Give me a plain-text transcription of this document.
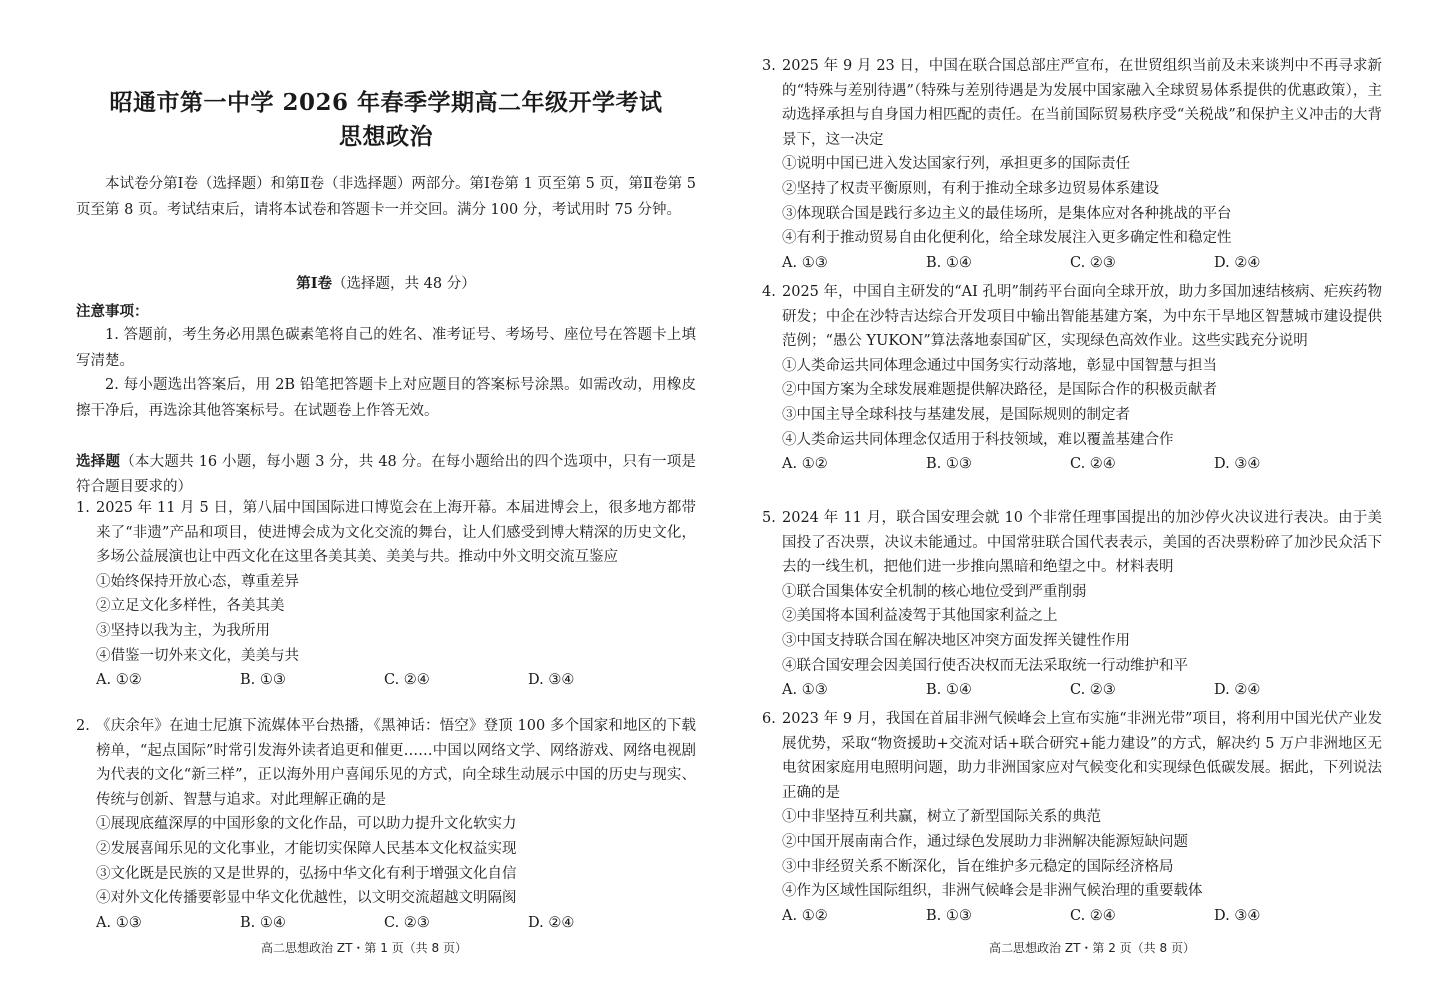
昭通市第一中学 2026 年春季学期高二年级开学考试
思想政治
本试卷分第Ⅰ卷（选择题）和第Ⅱ卷（非选择题）两部分。第Ⅰ卷第 1 页至第 5 页，第Ⅱ卷第 5 页至第 8 页。考试结束后，请将本试卷和答题卡一并交回。满分 100 分，考试用时 75 分钟。
第Ⅰ卷（选择题，共 48 分）
注意事项：
1. 答题前，考生务必用黑色碳素笔将自己的姓名、准考证号、考场号、座位号在答题卡上填写清楚。
2. 每小题选出答案后，用 2B 铅笔把答题卡上对应题目的答案标号涂黑。如需改动，用橡皮擦干净后，再选涂其他答案标号。在试题卷上作答无效。
选择题（本大题共 16 小题，每小题 3 分，共 48 分。在每小题给出的四个选项中，只有一项是符合题目要求的）
1. 2025 年 11 月 5 日，第八届中国国际进口博览会在上海开幕。本届进博会上，很多地方都带来了“非遗”产品和项目，使进博会成为文化交流的舞台，让人们感受到博大精深的历史文化，多场公益展演也让中西文化在这里各美其美、美美与共。推动中外文明交流互鉴应
①始终保持开放心态，尊重差异
②立足文化多样性，各美其美
③坚持以我为主，为我所用
④借鉴一切外来文化，美美与共
A. ①②	B. ①③	C. ②④	D. ③④
2. 《庆余年》在迪士尼旗下流媒体平台热播，《黑神话：悟空》登顶 100 多个国家和地区的下载榜单，“起点国际”时常引发海外读者追更和催更……中国以网络文学、网络游戏、网络电视剧为代表的文化“新三样”，正以海外用户喜闻乐见的方式，向全球生动展示中国的历史与现实、传统与创新、智慧与追求。对此理解正确的是
①展现底蕴深厚的中国形象的文化作品，可以助力提升文化软实力
②发展喜闻乐见的文化事业，才能切实保障人民基本文化权益实现
③文化既是民族的又是世界的，弘扬中华文化有利于增强文化自信
④对外文化传播要彰显中华文化优越性，以文明交流超越文明隔阂
A. ①③	B. ①④	C. ②③	D. ②④
高二思想政治 ZT・第 1 页（共 8 页）
3. 2025 年 9 月 23 日，中国在联合国总部庄严宣布，在世贸组织当前及未来谈判中不再寻求新的“特殊与差别待遇”（特殊与差别待遇是为发展中国家融入全球贸易体系提供的优惠政策），主动选择承担与自身国力相匹配的责任。在当前国际贸易秩序受“关税战”和保护主义冲击的大背景下，这一决定
①说明中国已进入发达国家行列，承担更多的国际责任
②坚持了权责平衡原则，有利于推动全球多边贸易体系建设
③体现联合国是践行多边主义的最佳场所，是集体应对各种挑战的平台
④有利于推动贸易自由化便利化，给全球发展注入更多确定性和稳定性
A. ①③	B. ①④	C. ②③	D. ②④
4. 2025 年，中国自主研发的“AI 孔明”制药平台面向全球开放，助力多国加速结核病、疟疾药物研发；中企在沙特吉达综合开发项目中输出智能基建方案，为中东干旱地区智慧城市建设提供范例；“愚公 YUKON”算法落地泰国矿区，实现绿色高效作业。这些实践充分说明
①人类命运共同体理念通过中国务实行动落地，彰显中国智慧与担当
②中国方案为全球发展难题提供解决路径，是国际合作的积极贡献者
③中国主导全球科技与基建发展，是国际规则的制定者
④人类命运共同体理念仅适用于科技领域，难以覆盖基建合作
A. ①②	B. ①③	C. ②④	D. ③④
5. 2024 年 11 月，联合国安理会就 10 个非常任理事国提出的加沙停火决议进行表决。由于美国投了否决票，决议未能通过。中国常驻联合国代表表示，美国的否决票粉碎了加沙民众活下去的一线生机，把他们进一步推向黑暗和绝望之中。材料表明
①联合国集体安全机制的核心地位受到严重削弱
②美国将本国利益凌驾于其他国家利益之上
③中国支持联合国在解决地区冲突方面发挥关键性作用
④联合国安理会因美国行使否决权而无法采取统一行动维护和平
A. ①③	B. ①④	C. ②③	D. ②④
6. 2023 年 9 月，我国在首届非洲气候峰会上宣布实施“非洲光带”项目，将利用中国光伏产业发展优势，采取“物资援助+交流对话+联合研究+能力建设”的方式，解决约 5 万户非洲地区无电贫困家庭用电照明问题，助力非洲国家应对气候变化和实现绿色低碳发展。据此，下列说法正确的是
①中非坚持互利共赢，树立了新型国际关系的典范
②中国开展南南合作，通过绿色发展助力非洲解决能源短缺问题
③中非经贸关系不断深化，旨在维护多元稳定的国际经济格局
④作为区域性国际组织，非洲气候峰会是非洲气候治理的重要载体
A. ①②	B. ①③	C. ②④	D. ③④
高二思想政治 ZT・第 2 页（共 8 页）
